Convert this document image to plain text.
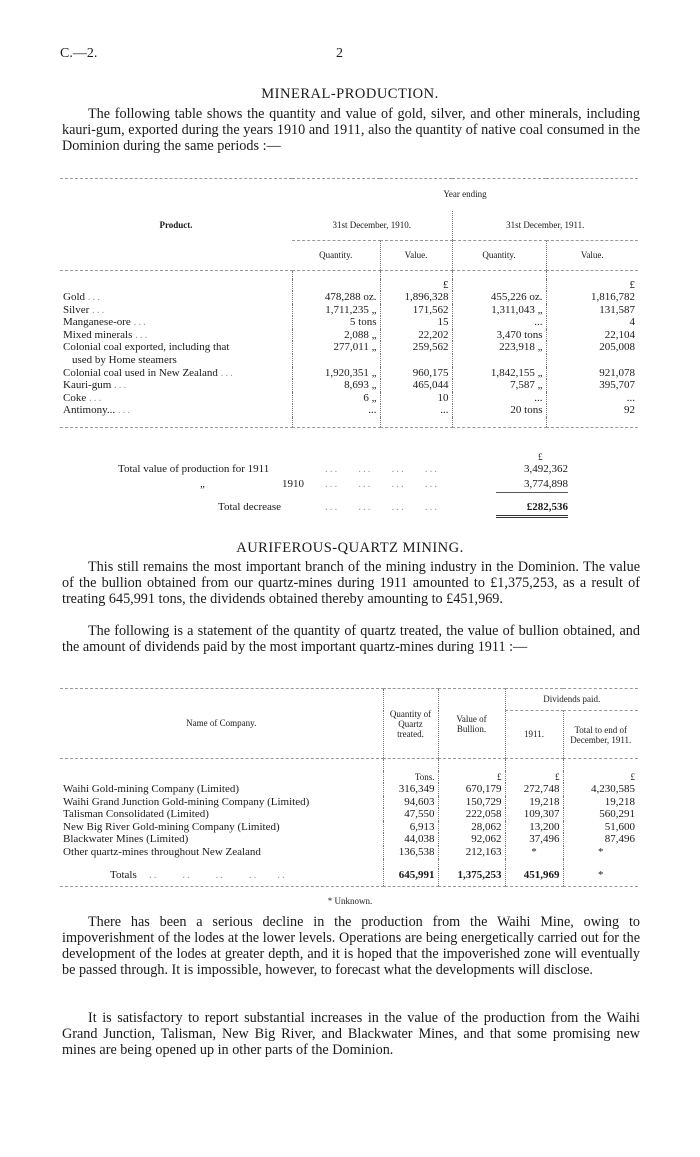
C.—2.	2
MINERAL-PRODUCTION.
The following table shows the quantity and value of gold, silver, and other minerals, including kauri-gum, exported during the years 1910 and 1911, also the quantity of native coal consumed in the Dominion during the same periods :—
	Year ending			
Product.	31st December, 1910.		31st December, 1911.	
	Quantity.	Value.	Quantity.	Value.

		£		£
Gold ...	478,288 oz.	1,896,328	455,226 oz.	1,816,782
Silver ...	1,711,235 „	171,562	1,311,043 „	131,587
Manganese-ore ...	5 tons	15	...	4
Mixed minerals ...	2,088 „	22,202	3,470 tons	22,104
Colonial coal exported, including that	277,011 „	259,562	223,918 „	205,008
used by Home steamers				
Colonial coal used in New Zealand ...	1,920,351 „	960,175	1,842,155 „	921,078
Kauri-gum ...	8,693 „	465,044	7,587 „	395,707
Coke ...	6 „	10	...	...
Antimony... ...	...	...	20 tons	92

£
Total value of production for 1911	...    ...    ...    ...	3,492,362
„	1910 ...    ...    ...    ...	3,774,898
Total decrease	...    ...    ...    ...	£282,536
AURIFEROUS-QUARTZ MINING.
This still remains the most important branch of the mining industry in the Dominion. The value of the bullion obtained from our quartz-mines during 1911 amounted to £1,375,253, as a result of treating 645,991 tons, the dividends obtained thereby amounting to £451,969.
The following is a statement of the quantity of quartz treated, the value of bullion obtained, and the amount of dividends paid by the most important quartz-mines during 1911 :—
Name of Company.	Quantity of Quartz treated.	Value of Bullion.	Dividends paid.	
			1911.	Total to end of December, 1911.

	Tons.	£	£	£
Waihi Gold-mining Company (Limited)	316,349	670,179	272,748	4,230,585
Waihi Grand Junction Gold-mining Company (Limited)	94,603	150,729	19,218	19,218
Talisman Consolidated (Limited)	47,550	222,058	109,307	560,291
New Big River Gold-mining Company (Limited)	6,913	28,062	13,200	51,600
Blackwater Mines (Limited)	44,038	92,062	37,496	87,496
Other quartz-mines throughout New Zealand	136,538	212,163	*	*

Totals   ..     ..     ..     ..    ..	645,991	1,375,253	451,969	*
* Unknown.
There has been a serious decline in the production from the Waihi Mine, owing to impoverishment of the lodes at the lower levels. Operations are being energetically carried out for the development of the lodes at greater depth, and it is hoped that the impoverished zone will eventually be passed through. It is impossible, however, to forecast what the developments will disclose.
It is satisfactory to report substantial increases in the value of the production from the Waihi Grand Junction, Talisman, New Big River, and Blackwater Mines, and that some promising new mines are being opened up in other parts of the Dominion.
